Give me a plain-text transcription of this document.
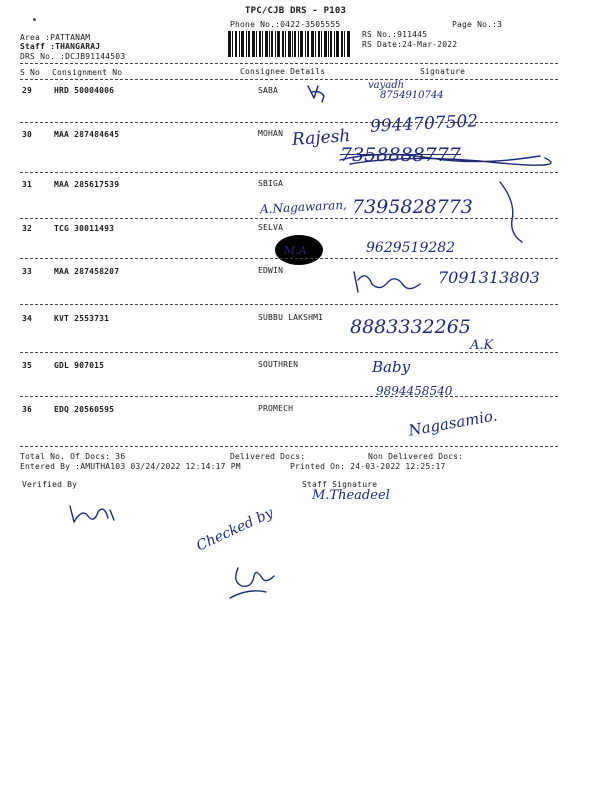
TPC/CJB DRS - P103
Phone No.:0422-3505555	Page No.:3
Area :PATTANAM
Staff :THANGARAJ
DRS No. :DCJB91144503
RS No.:911445
RS Date:24-Mar-2022
S No Consignment No	Consignee Details	Signature
29	HRD 50004006	SABA	vayadh
8754910744
30	MAA 287484645	MOHAN Rajesh
9944707502
7358888777
31	MAA 285617539	SBIGA
A.Nagawaran, 7395828773
32	TCG 30011493	SELVA
M.A	9629519282
33	MAA 287458207	EDWIN	7091313803
34	KVT 2553731	SUBBU LAKSHMI 8883332265
A.K
35	GDL 907015	SOUTHREN	Baby
9894458540
36	EDQ 20560595	PROMECH	Nagasamio.
Total No. Of Docs: 36	Delivered Docs:	Non Delivered Docs:
Entered By :AMUTHA103 03/24/2022 12:14:17 PM	Printed On: 24-03-2022 12:25:17
Verified By	Staff Signature
M.Theadeel
Checked by
